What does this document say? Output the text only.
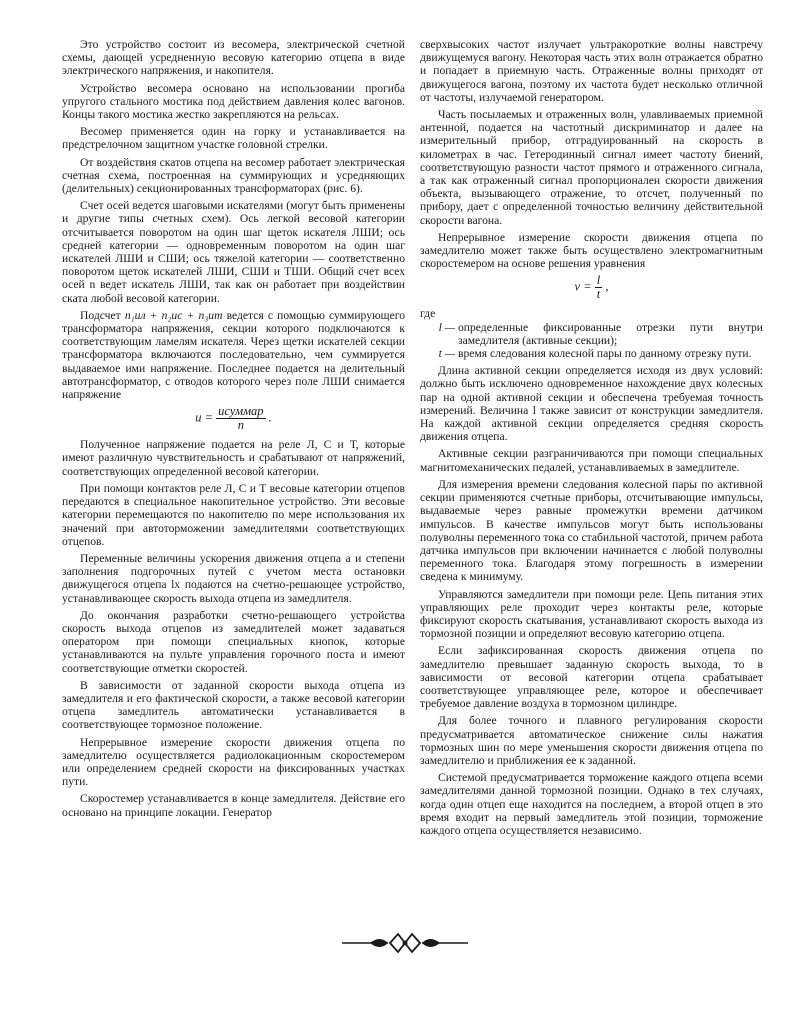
Это устройство состоит из весомера, электрической счетной схемы, дающей усредненную весовую категорию отцепа в виде электрического напряжения, и накопителя.

Устройство весомера основано на использовании прогиба упругого стального мостика под действием давления колес вагонов. Концы такого мостика жестко закрепляются на рельсах.

Весомер применяется один на горку и устанавливается на предстрелочном защитном участке головной стрелки.

От воздействия скатов отцепа на весомер работает электрическая счетная схема, построенная на суммирующих и усредняющих (делительных) секционированных трансформаторах (рис. 6).

Счет осей ведется шаговыми искателями (могут быть применены и другие типы счетных схем). Ось легкой весовой категории отсчитывается поворотом на один шаг щеток искателя ЛШИ; ось средней категории — одновременным поворотом на один шаг искателей ЛШИ и СШИ; ось тяжелой категории — соответственно поворотом щеток искателей ЛШИ, СШИ и ТШИ. Общий счет всех осей n ведет искатель ЛШИ, так как он работает при воздействии ската любой весовой категории.

Подсчет n₁uл + n₂uс + n₃uт ведется с помощью суммирующего трансформатора напряжения, секции которого подключаются к соответствующим ламелям искателя. Через щетки искателей секции трансформатора включаются последовательно, чем суммируется выдаваемое ими напряжение. Последнее подается на делительный автотрансформатор, с отводов которого через поле ЛШИ снимается напряжение

$u = \frac{\text{uсуммар}}{n}$ .

Полученное напряжение подается на реле Л, С и Т, которые имеют различную чувствительность и срабатывают от напряжений, соответствующих определенной весовой категории.

При помощи контактов реле Л, С и Т весовые категории отцепов передаются в специальное накопительное устройство. Эти весовые категории перемещаются по накопителю по мере использования их значений при автоторможении замедлителями соответствующих отцепов.

Переменные величины ускорения движения отцепа a и степени заполнения подгорочных путей с учетом места остановки движущегося отцепа lx подаются на счетно-решающее устройство, устанавливающее скорость выхода отцепа из замедлителя.

До окончания разработки счетно-решающего устройства скорость выхода отцепов из замедлителей может задаваться оператором при помощи специальных кнопок, которые устанавливаются на пульте управления горочного поста и имеют соответствующие отметки скоростей.

В зависимости от заданной скорости выхода отцепа из замедлителя и его фактической скорости, а также весовой категории отцепа замедлитель автоматически устанавливается в соответствующее тормозное положение.

Непрерывное измерение скорости движения отцепа по замедлителю осуществляется радиолокационным скоростемером или определением средней скорости на фиксированных участках пути.

Скоростемер устанавливается в конце замедлителя. Действие его основано на принципе локации. Генератор

сверхвысоких частот излучает ультракороткие волны навстречу движущемуся вагону. Некоторая часть этих волн отражается обратно и попадает в приемную часть. Отраженные волны приходят от движущегося вагона, поэтому их частота будет несколько отличной от частоты, излучаемой генератором.

Часть посылаемых и отраженных волн, улавливаемых приемной антенной, подается на частотный дискриминатор и далее на измерительный прибор, отградуированный на скорость в километрах в час. Гетеродинный сигнал имеет частоту биений, соответствующую разности частот прямого и отраженного сигнала, а так как отраженный сигнал пропорционален скорости движения объекта, вызывающего отражение, то отсчет, полученный по прибору, дает с определенной точностью величину действительной скорости вагона.

Непрерывное измерение скорости движения отцепа по замедлителю может также быть осуществлено электромагнитным скоростемером на основе решения уравнения

$v = \frac{l}{t}$ ,
где
l — определенные фиксированные отрезки пути внутри замедлителя (активные секции);
t — время следования колесной пары по данному отрезку пути.

Длина активной секции определяется исходя из двух условий: должно быть исключено одновременное нахождение двух колесных пар на одной активной секции и обеспечена требуемая точность измерений. Величина l также зависит от конструкции замедлителя. На каждой активной секции определяется средняя скорость движения отцепа.

Активные секции разграничиваются при помощи специальных магнитомеханических педалей, устанавливаемых в замедлителе.

Для измерения времени следования колесной пары по активной секции применяются счетные приборы, отсчитывающие импульсы, выдаваемые через равные промежутки времени датчиком импульсов. В качестве импульсов могут быть использованы полуволны переменного тока со стабильной частотой, причем работа датчика импульсов при включении начинается с любой полуволны переменного тока. Благодаря этому погрешность в измерении сведена к минимуму.

Управляются замедлители при помощи реле. Цепь питания этих управляющих реле проходит через контакты реле, которые фиксируют скорость скатывания, устанавливают скорость выхода из тормозной позиции и определяют весовую категорию отцепа.

Если зафиксированная скорость движения отцепа по замедлителю превышает заданную скорость выхода, то в зависимости от весовой категории отцепа срабатывает соответствующее управляющее реле, которое и обеспечивает требуемое давление воздуха в тормозном цилиндре.

Для более точного и плавного регулирования скорости предусматривается автоматическое снижение силы нажатия тормозных шин по мере уменьшения скорости движения отцепа по замедлителю и приближения ее к заданной.

Системой предусматривается торможение каждого отцепа всеми замедлителями данной тормозной позиции. Однако в тех случаях, когда один отцеп еще находится на последнем, а второй отцеп в это время входит на первый замедлитель этой позиции, торможение каждого отцепа осуществляется независимо.
